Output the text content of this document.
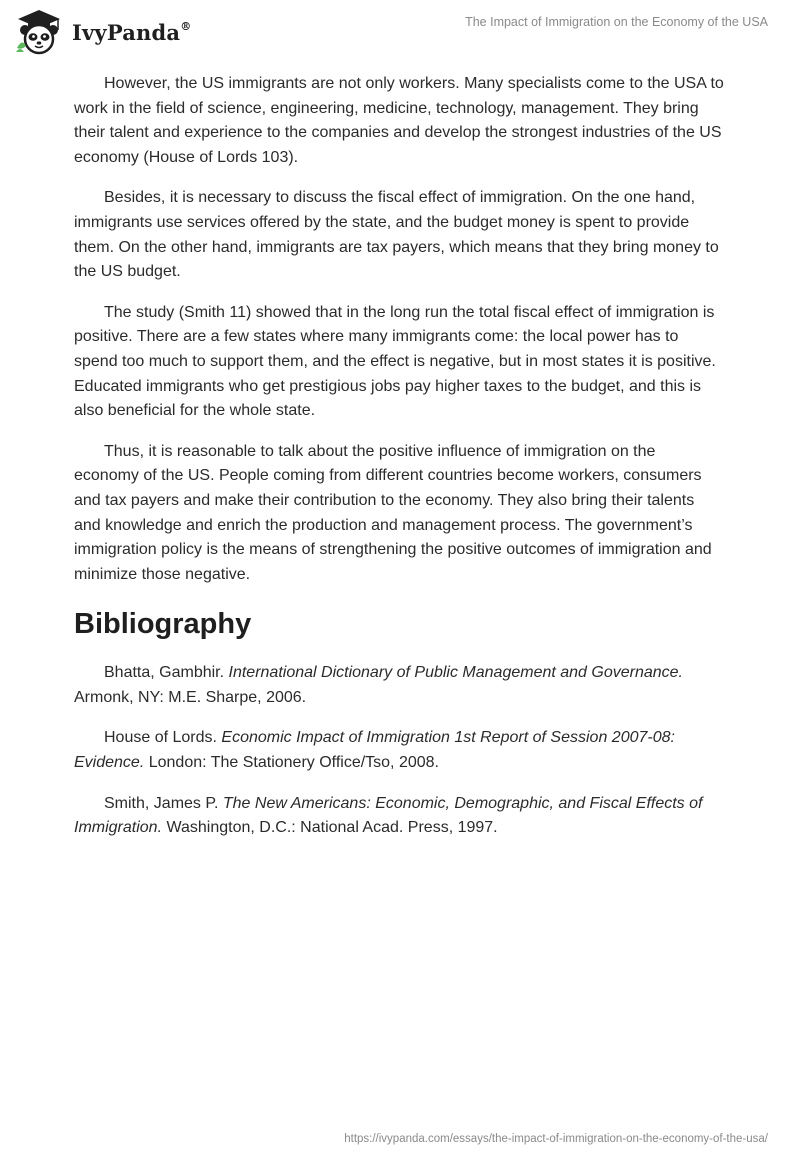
IvyPanda®	The Impact of Immigration on the Economy of the USA

However, the US immigrants are not only workers. Many specialists come to the USA to work in the field of science, engineering, medicine, technology, management. They bring their talent and experience to the companies and develop the strongest industries of the US economy (House of Lords 103).

Besides, it is necessary to discuss the fiscal effect of immigration. On the one hand, immigrants use services offered by the state, and the budget money is spent to provide them. On the other hand, immigrants are tax payers, which means that they bring money to the US budget.

The study (Smith 11) showed that in the long run the total fiscal effect of immigration is positive. There are a few states where many immigrants come: the local power has to spend too much to support them, and the effect is negative, but in most states it is positive. Educated immigrants who get prestigious jobs pay higher taxes to the budget, and this is also beneficial for the whole state.

Thus, it is reasonable to talk about the positive influence of immigration on the economy of the US. People coming from different countries become workers, consumers and tax payers and make their contribution to the economy. They also bring their talents and knowledge and enrich the production and management process. The government’s immigration policy is the means of strengthening the positive outcomes of immigration and minimize those negative.

Bibliography

Bhatta, Gambhir. International Dictionary of Public Management and Governance. Armonk, NY: M.E. Sharpe, 2006.

House of Lords. Economic Impact of Immigration 1st Report of Session 2007-08: Evidence. London: The Stationery Office/Tso, 2008.

Smith, James P. The New Americans: Economic, Demographic, and Fiscal Effects of Immigration. Washington, D.C.: National Acad. Press, 1997.

https://ivypanda.com/essays/the-impact-of-immigration-on-the-economy-of-the-usa/
